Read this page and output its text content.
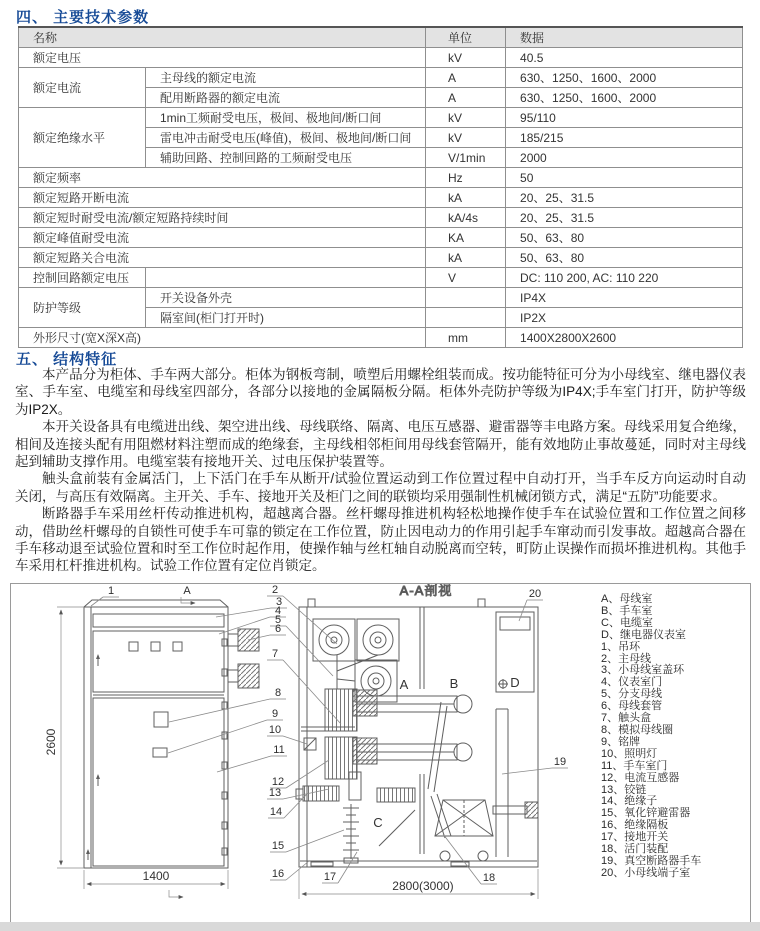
四、 主要技术参数
名称		单位	数据
额定电压		kV	40.5
额定电流	主母线的额定电流	A	630、1250、1600、2000
	配用断路器的额定电流	A	630、1250、1600、2000
额定绝缘水平	1min工频耐受电压，极间、极地间/断口间	kV	95/110
	雷电冲击耐受电压(峰值)，极间、极地间/断口间	kV	185/215
	辅助回路、控制回路的工频耐受电压	V/1min	2000
额定频率		Hz	50
额定短路开断电流		kA	20、25、31.5
额定短时耐受电流/额定短路持续时间		kA/4s	20、25、31.5
额定峰值耐受电流		KA	50、63、80
额定短路关合电流		kA	50、63、80
控制回路额定电压		V	DC: 110 200, AC: 110 220
防护等级	开关设备外壳		IP4X
	隔室间(柜门打开时)		IP2X
外形尺寸(宽X深X高)		mm	1400X2800X2600
五、 结构特征

本产品分为柜体、手车两大部分。柜体为钢板弯制，喷塑后用螺栓组装而成。按功能特征可分为小母线室、继电器仪表室、手车室、电缆室和母线室四部分，各部分以接地的金属隔板分隔。柜体外壳防护等级为IP4X;手车室门打开，防护等级为IP2X。

本开关设备具有电缆进出线、架空进出线、母线联络、隔离、电压互感器、避雷器等丰电路方案。母线采用复合绝缘，相间及连接头配有用阻燃材料注塑而成的绝缘套，主母线相邻柜间用母线套管隔开，能有效地防止事故蔓延，同时对主母线起到辅助支撑作用。电缆室装有接地开关、过电压保护装置等。

触头盒前装有金属活门，上下活门在手车从断开/试验位置运动到工作位置过程中自动打开，当手车反方向运动时自动关闭，与高压有效隔离。主开关、手车、接地开关及柜门之间的联锁均采用强制性机械闭锁方式，满足“五防”功能要求。

断路器手车采用丝杆传动推进机构，超越离合器。丝杆螺母推进机构轻松地操作使手车在试验位置和工作位置之间移动，借助丝杆螺母的自锁性可使手车可靠的锁定在工作位置，防止因电动力的作用引起手车窜动而引发事故。超越高合器在手车移动退至试验位置和时至工作位时起作用，使操作轴与丝杠轴自动脱离而空转，町防止误操作而损坏推进机构。其他手车采用杠杆推进机构。试验工作位置有定位肖锁定。

2600
1400
A	A-A剖视
2800(3000)
1	2
3
4
5
6
7
8
9
10
11
12
13
14
15
16	17	18
19
20
A	B
C
D
A、母线室
B、手车室
C、电缆室
D、继电器仪表室
1、吊环
2、主母线
3、小母线室盖环
4、仪表室门
5、分支母线
6、母线套管
7、触头盒
8、模拟母线圈
9、铭牌
10、照明灯
11、手车室门
12、电流互感器
13、铰链
14、绝缘子
15、氧化锌避雷器
16、绝缘隔板
17、接地开关
18、活门装配
19、真空断路器手车
20、小母线端子室
